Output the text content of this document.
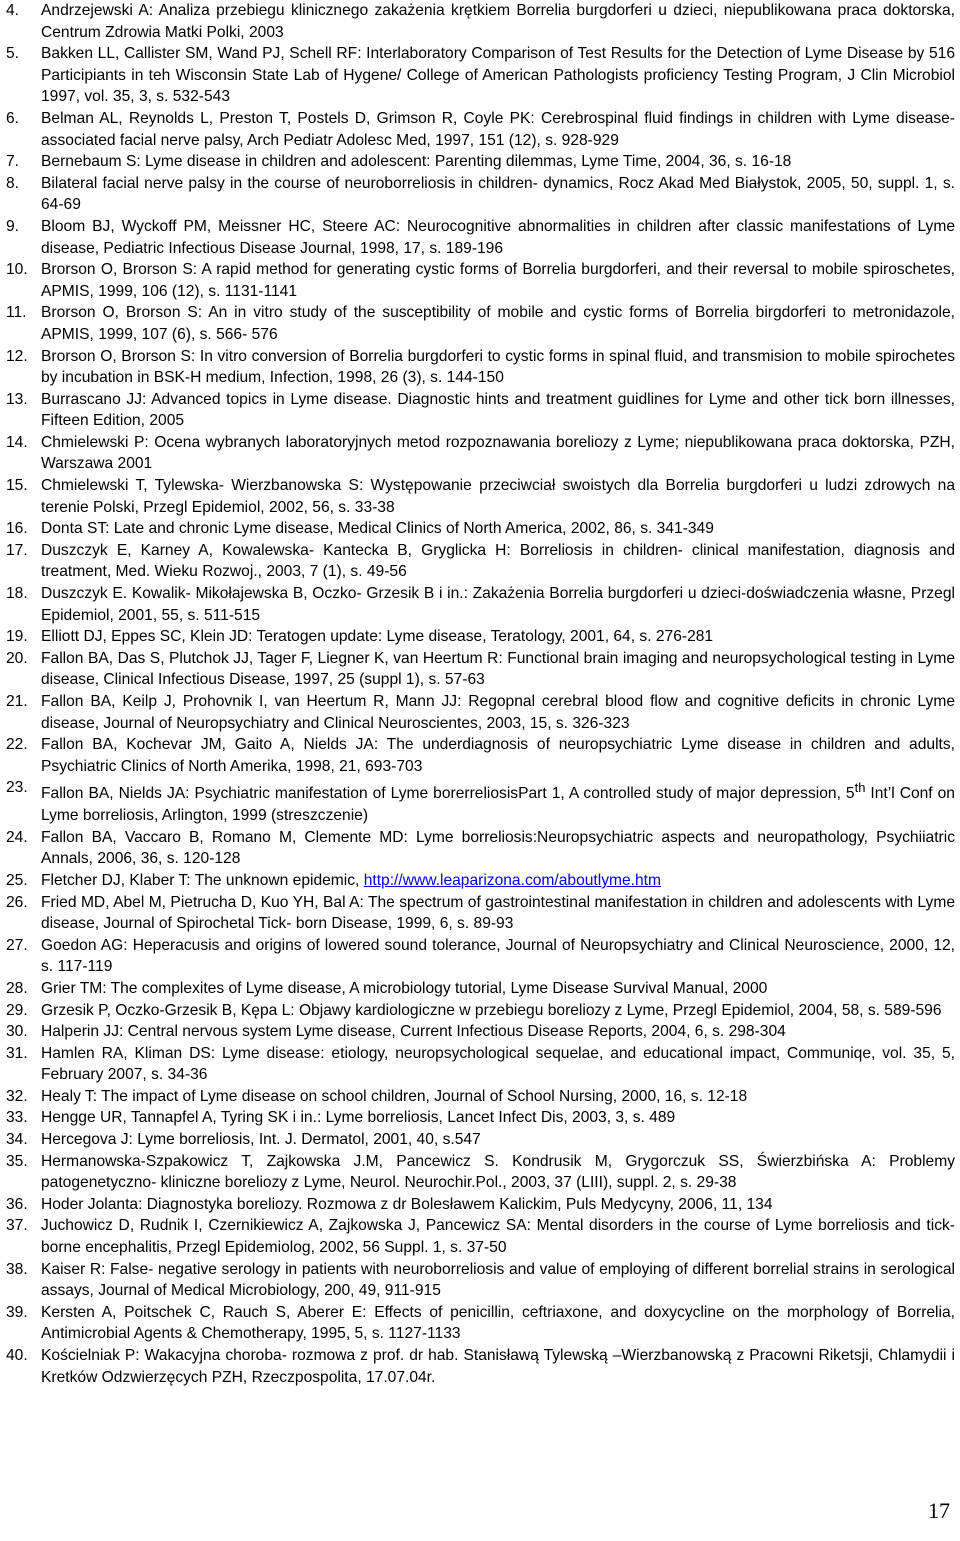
4.	Andrzejewski A: Analiza przebiegu klinicznego zakażenia krętkiem Borrelia burgdorferi u dzieci, niepublikowana praca doktorska, Centrum Zdrowia Matki Polki, 2003
5.	Bakken LL, Callister SM, Wand PJ, Schell RF: Interlaboratory Comparison of Test Results for the Detection of Lyme Disease by 516 Participiants in teh Wisconsin State Lab of Hygene/ College of American Pathologists proficiency Testing Program, J Clin Microbiol 1997, vol. 35, 3, s. 532-543
6.	Belman AL, Reynolds L, Preston T, Postels D, Grimson R, Coyle PK: Cerebrospinal fluid findings in children with Lyme disease- associated facial nerve palsy, Arch Pediatr Adolesc Med, 1997, 151 (12), s. 928-929
7.	Bernebaum S: Lyme disease in children and adolescent: Parenting dilemmas, Lyme Time, 2004, 36, s. 16-18
8.	Bilateral facial nerve palsy in the course of neuroborreliosis in children- dynamics, Rocz Akad Med Białystok, 2005, 50, suppl. 1, s. 64-69
9.	Bloom BJ, Wyckoff PM, Meissner HC, Steere AC: Neurocognitive abnormalities in children after classic manifestations of Lyme disease, Pediatric Infectious Disease Journal, 1998, 17, s. 189-196
10. Brorson O, Brorson S: A rapid method for generating cystic forms of Borrelia burgdorferi, and their reversal to mobile spiroschetes, APMIS, 1999, 106 (12), s. 1131-1141
11. Brorson O, Brorson S: An in vitro study of the susceptibility of mobile and cystic forms of Borrelia birgdorferi to metronidazole, APMIS, 1999, 107 (6), s. 566- 576
12. Brorson O, Brorson S: In vitro conversion of Borrelia burgdorferi to cystic forms in spinal fluid, and transmision to mobile spirochetes by incubation in BSK-H medium, Infection, 1998, 26 (3), s. 144-150
13. Burrascano JJ: Advanced topics in Lyme disease. Diagnostic hints and treatment guidlines for Lyme and other tick born illnesses, Fifteen Edition, 2005
14. Chmielewski P: Ocena wybranych laboratoryjnych metod rozpoznawania boreliozy z Lyme; niepublikowana praca doktorska, PZH, Warszawa 2001
15. Chmielewski T, Tylewska- Wierzbanowska S: Występowanie przeciwciał swoistych dla Borrelia burgdorferi u ludzi zdrowych na terenie Polski, Przegl Epidemiol, 2002, 56, s. 33-38
16. Donta ST: Late and chronic Lyme disease, Medical Clinics of North America, 2002, 86, s. 341-349
17. Duszczyk E, Karney A, Kowalewska- Kantecka B, Gryglicka H: Borreliosis in children- clinical manifestation, diagnosis and treatment, Med. Wieku Rozwoj., 2003, 7 (1), s. 49-56
18. Duszczyk E. Kowalik- Mikołajewska B, Oczko- Grzesik B i in.: Zakażenia Borrelia burgdorferi u dzieci-doświadczenia własne, Przegl Epidemiol, 2001, 55, s. 511-515
19. Elliott DJ, Eppes SC, Klein JD: Teratogen update: Lyme disease, Teratology, 2001, 64, s. 276-281
20. Fallon BA, Das S, Plutchok JJ, Tager F, Liegner K, van Heertum R: Functional brain imaging and neuropsychological testing in Lyme disease, Clinical Infectious Disease, 1997, 25 (suppl 1), s. 57-63
21. Fallon BA, Keilp J, Prohovnik I, van Heertum R, Mann JJ: Regopnal cerebral blood flow and cognitive deficits in chronic Lyme disease, Journal of Neuropsychiatry and Clinical Neuroscientes, 2003, 15, s. 326-323
22. Fallon BA, Kochevar JM, Gaito A, Nields JA: The underdiagnosis of neuropsychiatric Lyme disease in children and adults, Psychiatric Clinics of North Amerika, 1998, 21, 693-703
23. Fallon BA, Nields JA: Psychiatric manifestation of Lyme borerreliosisPart 1, A controlled study of major depression, 5th Int’l Conf on Lyme borreliosis, Arlington, 1999 (streszczenie)
24. Fallon BA, Vaccaro B, Romano M, Clemente MD: Lyme borreliosis:Neuropsychiatric aspects and neuropathology, Psychiiatric Annals, 2006, 36, s. 120-128
25. Fletcher DJ, Klaber T: The unknown epidemic, http://www.leaparizona.com/aboutlyme.htm
26. Fried MD, Abel M, Pietrucha D, Kuo YH, Bal A: The spectrum of gastrointestinal manifestation in children and adolescents with Lyme disease, Journal of Spirochetal Tick- born Disease, 1999, 6, s. 89-93
27. Goedon AG: Heperacusis and origins of lowered sound tolerance, Journal of Neuropsychiatry and Clinical Neuroscience, 2000, 12, s. 117-119
28. Grier TM: The complexites of Lyme disease, A microbiology tutorial, Lyme Disease Survival Manual, 2000
29. Grzesik P, Oczko-Grzesik B, Kępa L: Objawy kardiologiczne w przebiegu boreliozy z Lyme, Przegl Epidemiol, 2004, 58, s. 589-596
30. Halperin JJ: Central nervous system Lyme disease, Current Infectious Disease Reports, 2004, 6, s. 298-304
31. Hamlen RA, Kliman DS: Lyme disease: etiology, neuropsychological sequelae, and educational impact, Communiqe, vol. 35, 5, February 2007, s. 34-36
32. Healy T: The impact of Lyme disease on school children, Journal of School Nursing, 2000, 16, s. 12-18
33. Hengge UR, Tannapfel A, Tyring SK i in.: Lyme borreliosis, Lancet Infect Dis, 2003, 3, s. 489
34. Hercegova J: Lyme borreliosis, Int. J. Dermatol, 2001, 40, s.547
35. Hermanowska-Szpakowicz T, Zajkowska J.M, Pancewicz S. Kondrusik M, Grygorczuk SS, Świerzbińska A: Problemy patogenetyczno- kliniczne boreliozy z Lyme, Neurol. Neurochir.Pol., 2003, 37 (LIII), suppl. 2, s. 29-38
36. Hoder Jolanta: Diagnostyka boreliozy. Rozmowa z dr Bolesławem Kalickim, Puls Medycyny, 2006, 11, 134
37. Juchowicz D, Rudnik I, Czernikiewicz A, Zajkowska J, Pancewicz SA: Mental disorders in the course of Lyme borreliosis and tick- borne encephalitis, Przegl Epidemiolog, 2002, 56 Suppl. 1, s. 37-50
38. Kaiser R: False- negative serology in patients with neuroborreliosis and value of employing of different borrelial strains in serological assays, Journal of Medical Microbiology, 200, 49, 911-915
39. Kersten A, Poitschek C, Rauch S, Aberer E: Effects of penicillin, ceftriaxone, and doxycycline on the morphology of Borrelia, Antimicrobial Agents & Chemotherapy, 1995, 5, s. 1127-1133
40. Kościelniak P: Wakacyjna choroba- rozmowa z prof. dr hab. Stanisławą Tylewską –Wierzbanowską z Pracowni Riketsji, Chlamydii i Kretków Odzwierzęcych PZH, Rzeczpospolita, 17.07.04r.
17
